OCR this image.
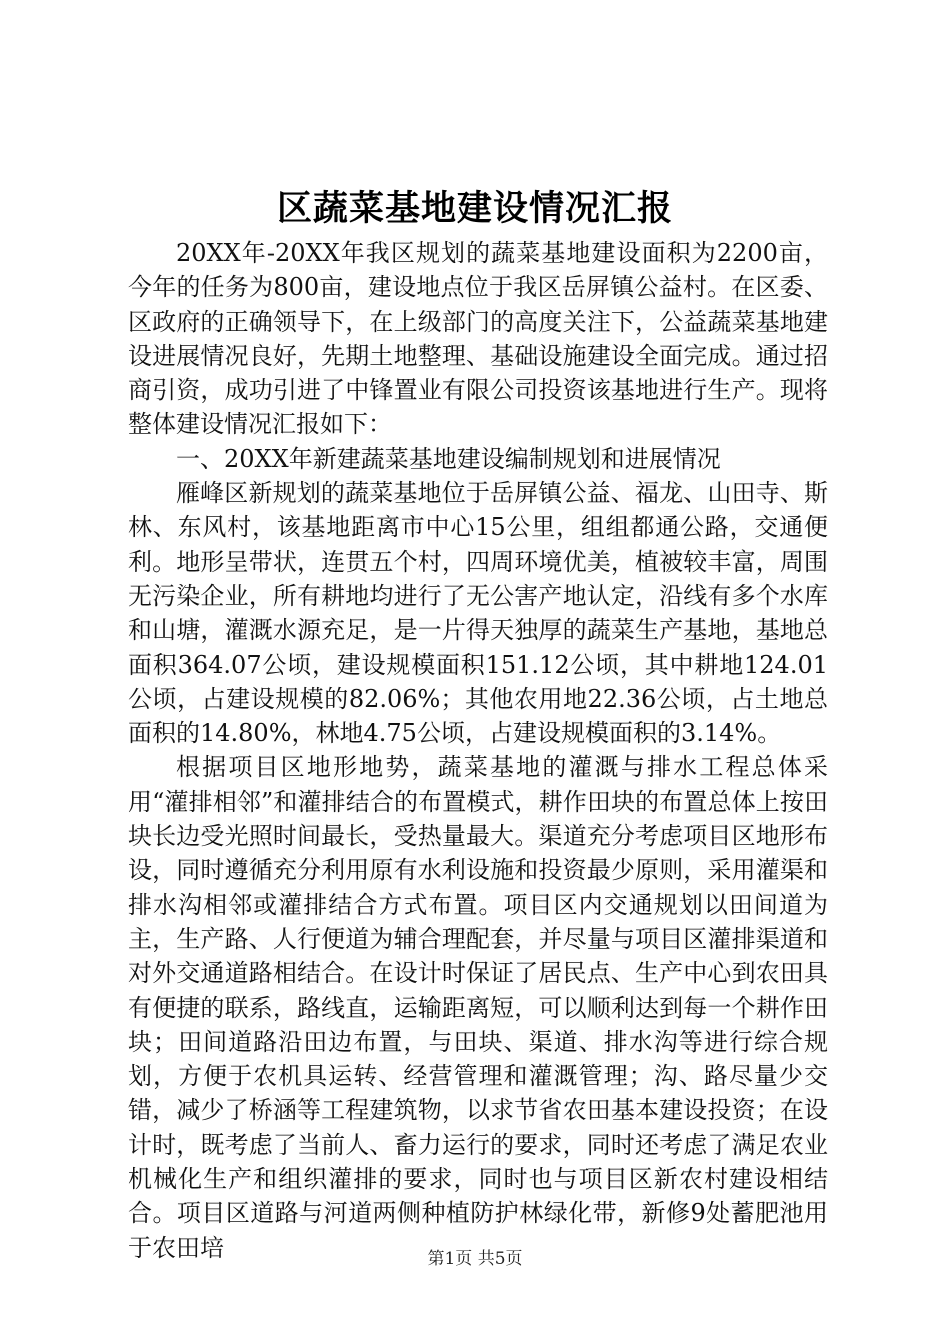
区蔬菜基地建设情况汇报

20XX年-20XX年我区规划的蔬菜基地建设面积为2200亩，今年的任务为800亩，建设地点位于我区岳屏镇公益村。在区委、区政府的正确领导下，在上级部门的高度关注下，公益蔬菜基地建设进展情况良好，先期土地整理、基础设施建设全面完成。通过招商引资，成功引进了中锋置业有限公司投资该基地进行生产。现将整体建设情况汇报如下：

一、20XX年新建蔬菜基地建设编制规划和进展情况

雁峰区新规划的蔬菜基地位于岳屏镇公益、福龙、山田寺、斯林、东风村，该基地距离市中心15公里，组组都通公路，交通便利。地形呈带状，连贯五个村，四周环境优美，植被较丰富，周围无污染企业，所有耕地均进行了无公害产地认定，沿线有多个水库和山塘，灌溉水源充足，是一片得天独厚的蔬菜生产基地，基地总面积364.07公顷，建设规模面积151.12公顷，其中耕地124.01公顷，占建设规模的82.06%；其他农用地22.36公顷，占土地总面积的14.80%，林地4.75公顷，占建设规模面积的3.14%。

根据项目区地形地势，蔬菜基地的灌溉与排水工程总体采用“灌排相邻”和灌排结合的布置模式，耕作田块的布置总体上按田块长边受光照时间最长，受热量最大。渠道充分考虑项目区地形布设，同时遵循充分利用原有水利设施和投资最少原则，采用灌渠和排水沟相邻或灌排结合方式布置。项目区内交通规划以田间道为主，生产路、人行便道为辅合理配套，并尽量与项目区灌排渠道和对外交通道路相结合。在设计时保证了居民点、生产中心到农田具有便捷的联系，路线直，运输距离短，可以顺利达到每一个耕作田块；田间道路沿田边布置，与田块、渠道、排水沟等进行综合规划，方便于农机具运转、经营管理和灌溉管理；沟、路尽量少交错，减少了桥涵等工程建筑物，以求节省农田基本建设投资；在设计时，既考虑了当前人、畜力运行的要求，同时还考虑了满足农业机械化生产和组织灌排的要求，同时也与项目区新农村建设相结合。项目区道路与河道两侧种植防护林绿化带，新修9处蓄肥池用于农田培	第1页 共5页
